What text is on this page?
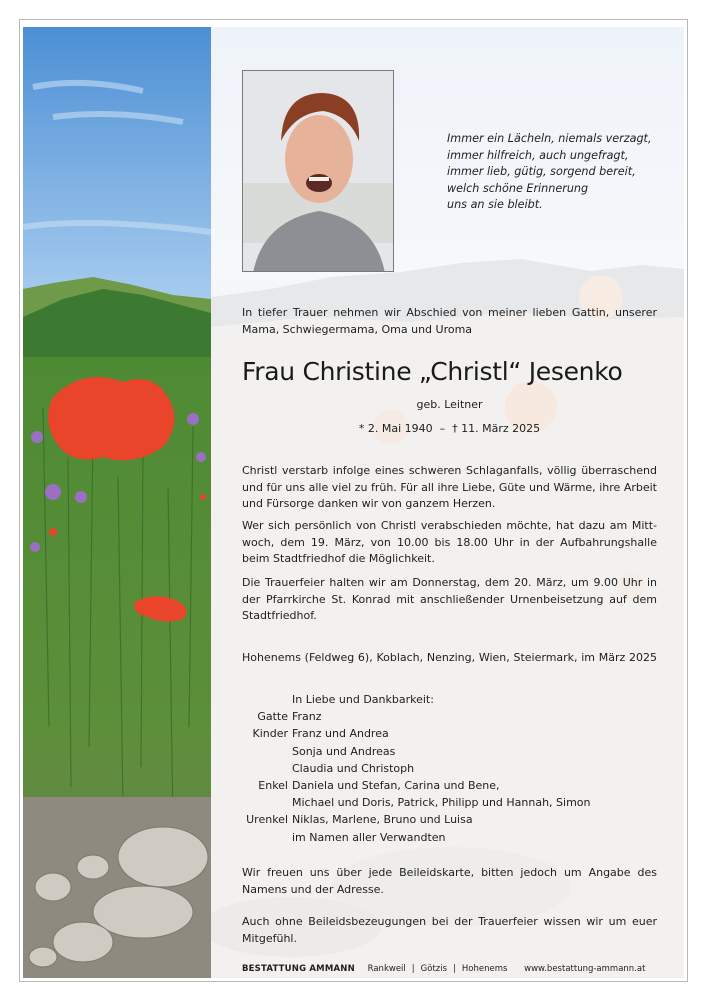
Immer ein Lächeln, niemals verzagt,
immer hilfreich, auch ungefragt,
immer lieb, gütig, sorgend bereit,
welch schöne Erinnerung
uns an sie bleibt.
In tiefer Trauer nehmen wir Abschied von meiner lieben Gattin, unserer
Mama, Schwiegermama, Oma und Uroma
Frau Christine „Christl“ Jesenko
geb. Leitner
* 2. Mai 1940  –  † 11. März 2025
Christl verstarb infolge eines schweren Schlaganfalls, völlig überraschend
und für uns alle viel zu früh. Für all ihre Liebe, Güte und Wärme, ihre Arbeit
und Fürsorge danken wir von ganzem Herzen.
Wer sich persönlich von Christl verabschieden möchte, hat dazu am Mitt-
woch, dem 19. März, von 10.00 bis 18.00 Uhr in der Aufbahrungshalle
beim Stadtfriedhof die Möglichkeit.
Die Trauerfeier halten wir am Donnerstag, dem 20. März, um 9.00 Uhr in
der Pfarrkirche St. Konrad mit anschließender Urnenbeisetzung auf dem
Stadtfriedhof.
Hohenems (Feldweg 6), Koblach, Nenzing, Wien, Steiermark, im März 2025
In Liebe und Dankbarkeit:
Gatte Franz
Kinder Franz und Andrea
Sonja und Andreas
Claudia und Christoph
Enkel Daniela und Stefan, Carina und Bene,
Michael und Doris, Patrick, Philipp und Hannah, Simon
Urenkel Niklas, Marlene, Bruno und Luisa
im Namen aller Verwandten
Wir freuen uns über jede Beileidskarte, bitten jedoch um Angabe des
Namens und der Adresse.
Auch ohne Beileidsbezeugungen bei der Trauerfeier wissen wir um euer
Mitgefühl.
BESTATTUNG AMMANN Rankweil | Götzis | Hohenems www.bestattung-ammann.at
